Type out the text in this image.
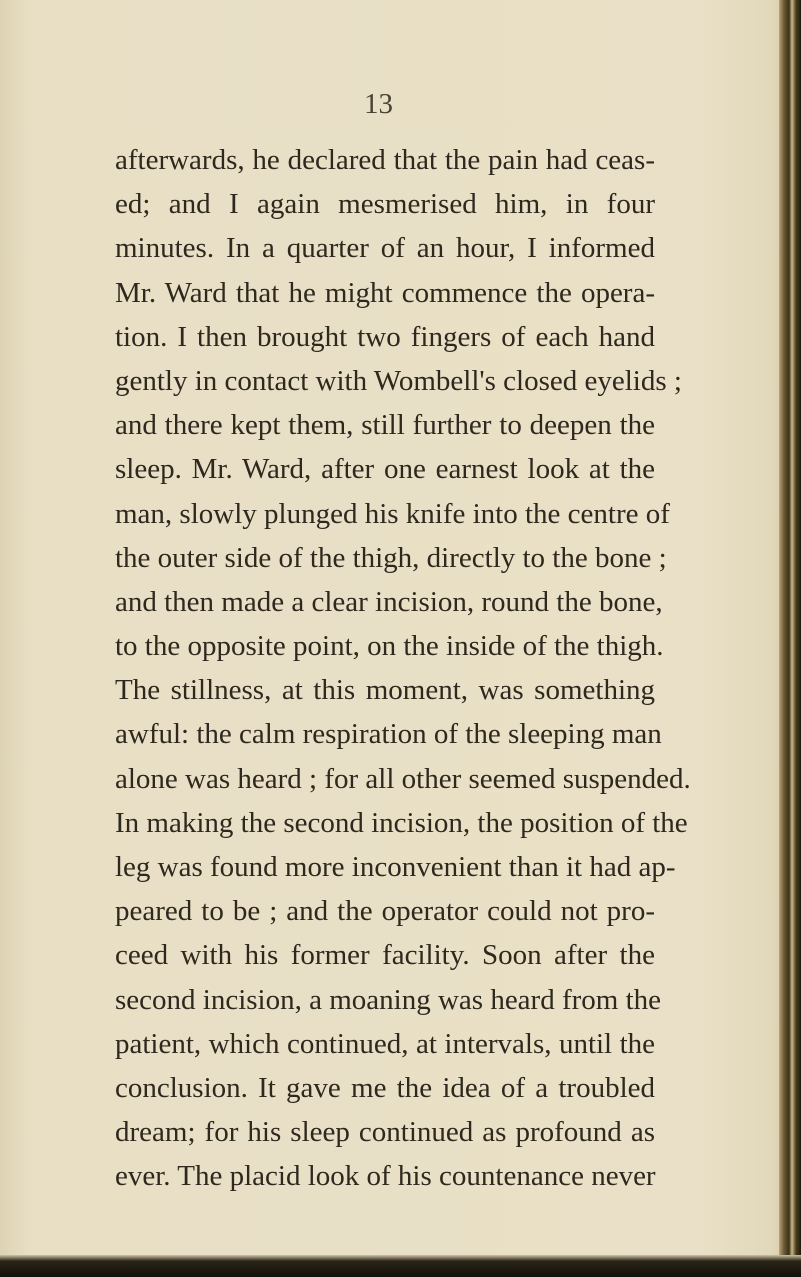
13
afterwards, he declared that the pain had ceas-
ed; and I again mesmerised him, in four
minutes. In a quarter of an hour, I informed
Mr. Ward that he might commence the opera-
tion. I then brought two fingers of each hand
gently in contact with Wombell's closed eyelids ;
and there kept them, still further to deepen the
sleep. Mr. Ward, after one earnest look at the
man, slowly plunged his knife into the centre of
the outer side of the thigh, directly to the bone ;
and then made a clear incision, round the bone,
to the opposite point, on the inside of the thigh.
The stillness, at this moment, was something
awful: the calm respiration of the sleeping man
alone was heard ; for all other seemed suspended.
In making the second incision, the position of the
leg was found more inconvenient than it had ap-
peared to be ; and the operator could not pro-
ceed with his former facility. Soon after the
second incision, a moaning was heard from the
patient, which continued, at intervals, until the
conclusion. It gave me the idea of a troubled
dream; for his sleep continued as profound as
ever. The placid look of his countenance never
